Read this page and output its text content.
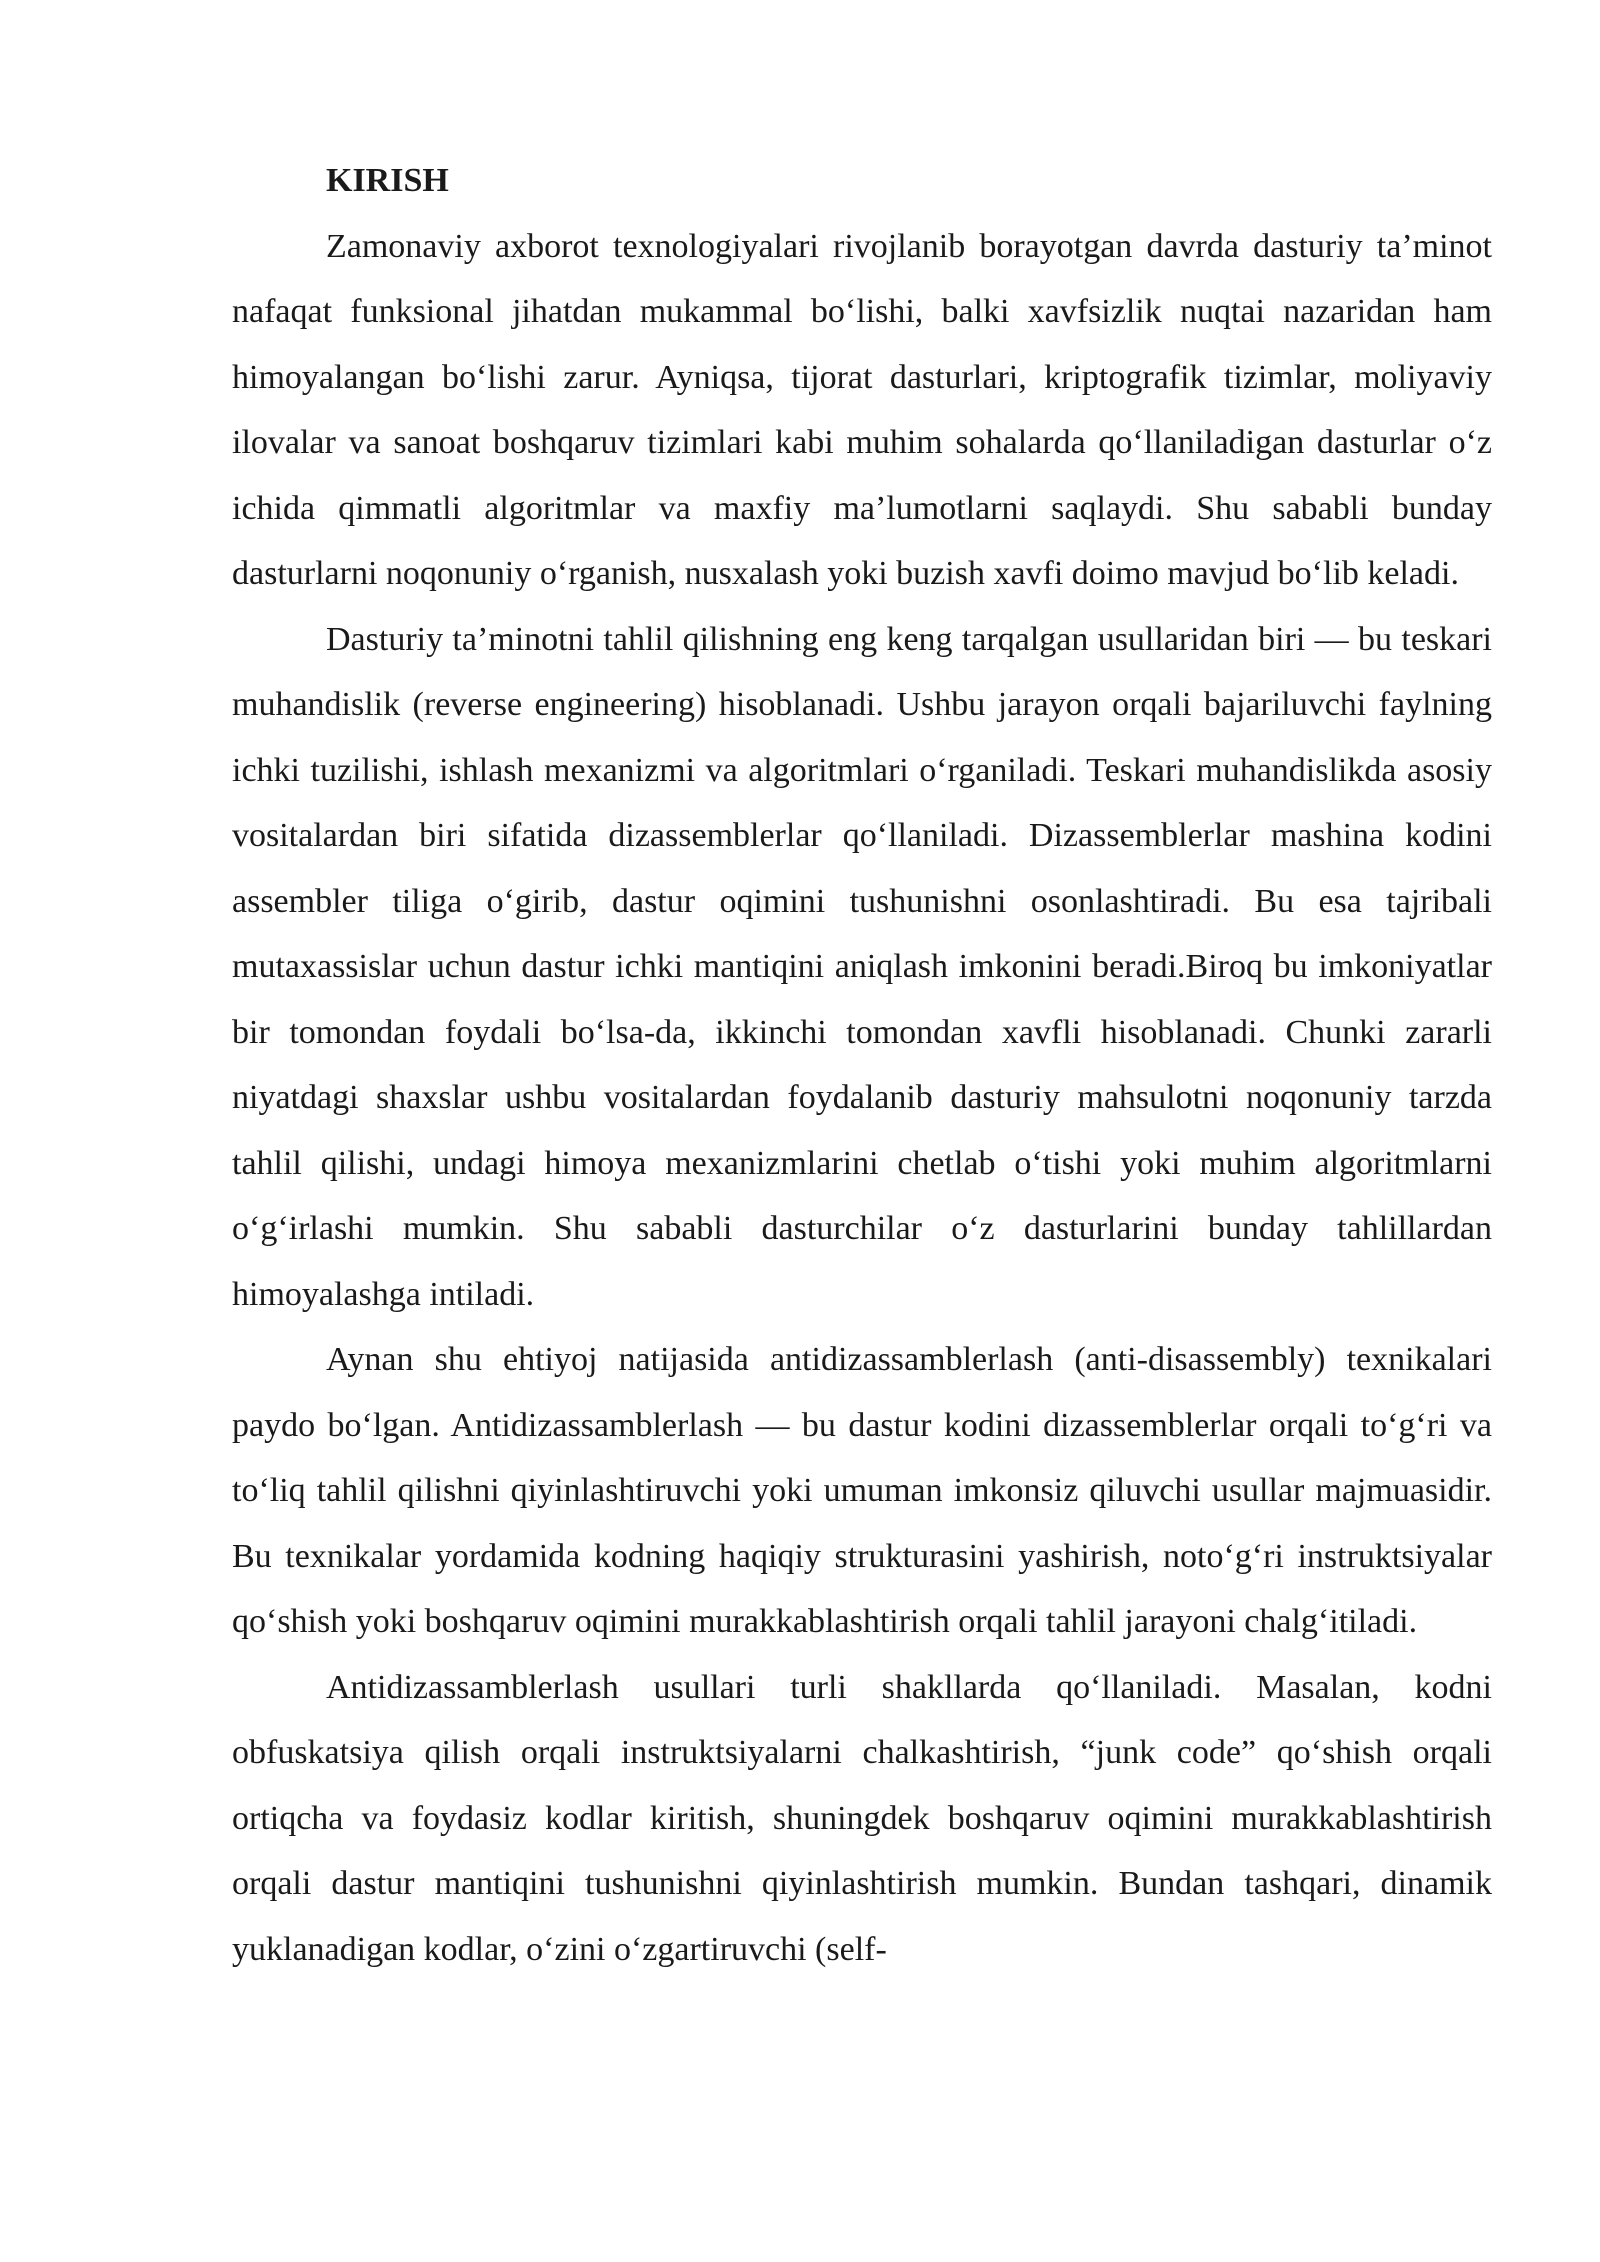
KIRISH

Zamonaviy axborot texnologiyalari rivojlanib borayotgan davrda dasturiy ta’minot nafaqat funksional jihatdan mukammal bo‘lishi, balki xavfsizlik nuqtai nazaridan ham himoyalangan bo‘lishi zarur. Ayniqsa, tijorat dasturlari, kriptografik tizimlar, moliyaviy ilovalar va sanoat boshqaruv tizimlari kabi muhim sohalarda qo‘llaniladigan dasturlar o‘z ichida qimmatli algoritmlar va maxfiy ma’lumotlarni saqlaydi. Shu sababli bunday dasturlarni noqonuniy o‘rganish, nusxalash yoki buzish xavfi doimo mavjud bo‘lib keladi.

Dasturiy ta’minotni tahlil qilishning eng keng tarqalgan usullaridan biri — bu teskari muhandislik (reverse engineering) hisoblanadi. Ushbu jarayon orqali bajariluvchi faylning ichki tuzilishi, ishlash mexanizmi va algoritmlari o‘rganiladi. Teskari muhandislikda asosiy vositalardan biri sifatida dizassemblerlar qo‘llaniladi. Dizassemblerlar mashina kodini assembler tiliga o‘girib, dastur oqimini tushunishni osonlashtiradi. Bu esa tajribali mutaxassislar uchun dastur ichki mantiqini aniqlash imkonini beradi.Biroq bu imkoniyatlar bir tomondan foydali bo‘lsa-da, ikkinchi tomondan xavfli hisoblanadi. Chunki zararli niyatdagi shaxslar ushbu vositalardan foydalanib dasturiy mahsulotni noqonuniy tarzda tahlil qilishi, undagi himoya mexanizmlarini chetlab o‘tishi yoki muhim algoritmlarni o‘g‘irlashi mumkin. Shu sababli dasturchilar o‘z dasturlarini bunday tahlillardan himoyalashga intiladi.

Aynan shu ehtiyoj natijasida antidizassamblerlash (anti-disassembly) texnikalari paydo bo‘lgan. Antidizassamblerlash — bu dastur kodini dizassemblerlar orqali to‘g‘ri va to‘liq tahlil qilishni qiyinlashtiruvchi yoki umuman imkonsiz qiluvchi usullar majmuasidir. Bu texnikalar yordamida kodning haqiqiy strukturasini yashirish, noto‘g‘ri instruktsiyalar qo‘shish yoki boshqaruv oqimini murakkablashtirish orqali tahlil jarayoni chalg‘itiladi.

Antidizassamblerlash usullari turli shakllarda qo‘llaniladi. Masalan, kodni obfuskatsiya qilish orqali instruktsiyalarni chalkashtirish, “junk code” qo‘shish orqali ortiqcha va foydasiz kodlar kiritish, shuningdek boshqaruv oqimini murakkablashtirish orqali dastur mantiqini tushunishni qiyinlashtirish mumkin. Bundan tashqari, dinamik yuklanadigan kodlar, o‘zini o‘zgartiruvchi (self-
